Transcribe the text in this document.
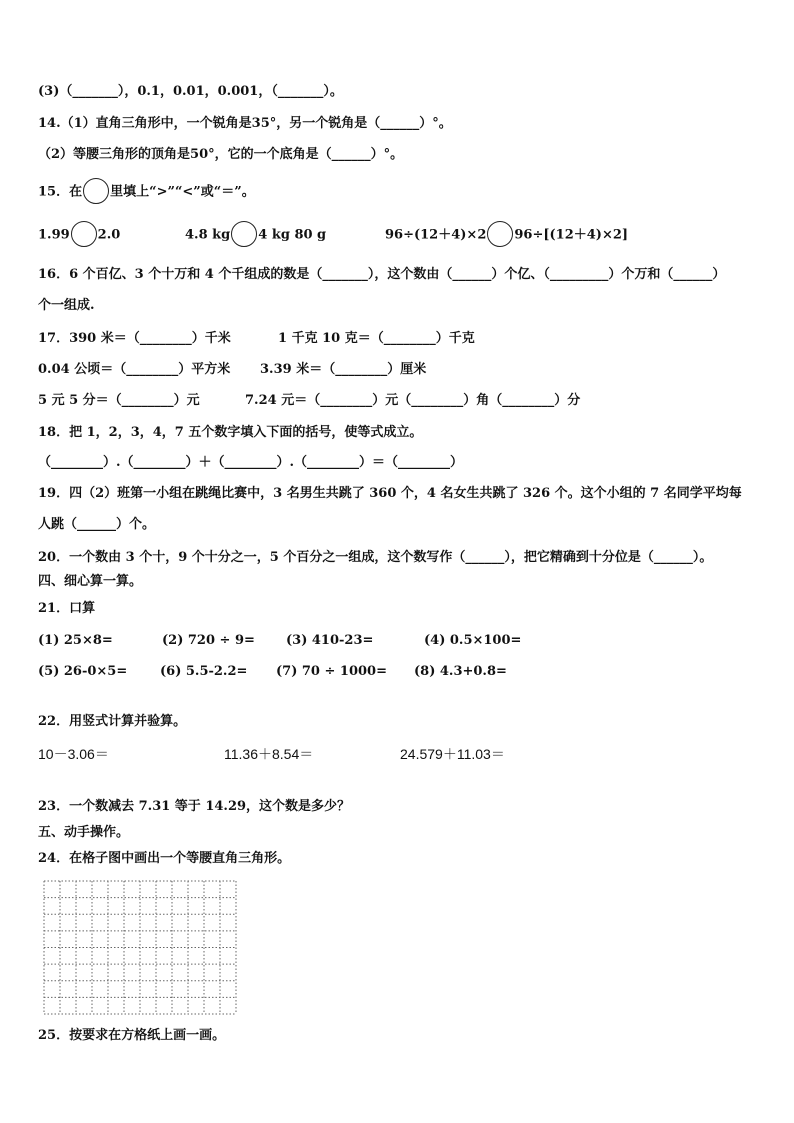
(3)（_______），0.1，0.01，0.001，（_______）。
14.（1）直角三角形中，一个锐角是35°，另一个锐角是（______）°。
（2）等腰三角形的顶角是50°，它的一个底角是（______）°。
15．在 里填上“>”“<”或“＝”。
1.99 2.0	4.8 kg 4 kg 80 g	96÷(12＋4)×2 96÷[(12＋4)×2]
16．6 个百亿、3 个十万和 4 个千组成的数是（_______），这个数由（______）个亿、（_________）个万和（______）
个一组成.
17．390 米＝（________）千米	1 千克 10 克＝（________）千克
0.04 公顷＝（________）平方米 3.39 米＝（________）厘米
5 元 5 分＝（________）元	7.24 元＝（________）元（________）角（________）分
18．把 1，2，3，4，7 五个数字填入下面的括号，使等式成立。
（________）.（________）＋（________）.（________）＝（________）
19．四（2）班第一小组在跳绳比赛中，3 名男生共跳了 360 个，4 名女生共跳了 326 个。这个小组的 7 名同学平均每
人跳（______）个。
20．一个数由 3 个十，9 个十分之一，5 个百分之一组成，这个数写作（______），把它精确到十分位是（______）。
四、细心算一算。
21．口算
(1) 25×8=	(2) 720 ÷ 9= (3) 410-23=	(4) 0.5×100=
(5) 26-0×5=	(6) 5.5-2.2= (7) 70 ÷ 1000= (8) 4.3+0.8=
22．用竖式计算并验算。
10－3.06＝	11.36＋8.54＝	24.579＋11.03＝
23．一个数减去 7.31 等于 14.29，这个数是多少？
五、动手操作。
24．在格子图中画出一个等腰直角三角形。
25．按要求在方格纸上画一画。
